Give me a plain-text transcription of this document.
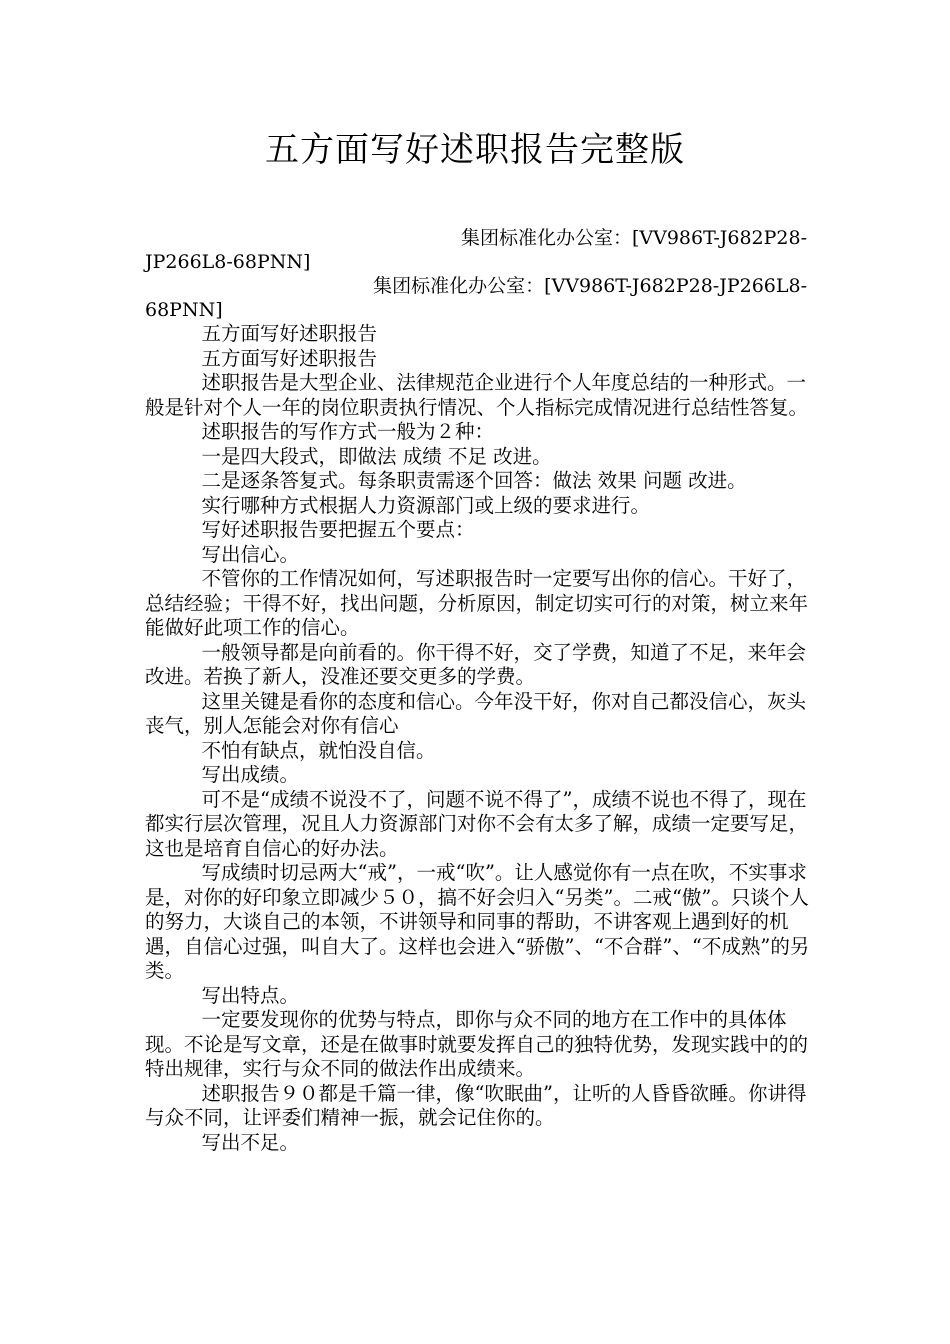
五方面写好述职报告完整版
集团标准化办公室：[VV986T-J682P28-
JP266L8-68PNN]
集团标准化办公室：[VV986T-J682P28-JP266L8-
68PNN]

五方面写好述职报告

五方面写好述职报告

述职报告是大型企业、法律规范企业进行个人年度总结的一种形式。一般是针对个人一年的岗位职责执行情况、个人指标完成情况进行总结性答复。

述职报告的写作方式一般为２种：

一是四大段式，即做法 成绩 不足 改进。

二是逐条答复式。每条职责需逐个回答：做法 效果 问题 改进。

实行哪种方式根据人力资源部门或上级的要求进行。

写好述职报告要把握五个要点：

写出信心。

不管你的工作情况如何，写述职报告时一定要写出你的信心。干好了，总结经验；干得不好，找出问题，分析原因，制定切实可行的对策，树立来年能做好此项工作的信心。

一般领导都是向前看的。你干得不好，交了学费，知道了不足，来年会改进。若换了新人，没准还要交更多的学费。

这里关键是看你的态度和信心。今年没干好，你对自己都没信心，灰头丧气，别人怎能会对你有信心

不怕有缺点，就怕没自信。

写出成绩。

可不是“成绩不说没不了，问题不说不得了”，成绩不说也不得了，现在都实行层次管理，况且人力资源部门对你不会有太多了解，成绩一定要写足，这也是培育自信心的好办法。

写成绩时切忌两大“戒”，一戒“吹”。让人感觉你有一点在吹，不实事求是，对你的好印象立即减少５０，搞不好会归入“另类”。二戒“傲”。只谈个人的努力，大谈自己的本领，不讲领导和同事的帮助，不讲客观上遇到好的机遇，自信心过强，叫自大了。这样也会进入“骄傲”、“不合群”、“不成熟”的另类。

写出特点。

一定要发现你的优势与特点，即你与众不同的地方在工作中的具体体现。不论是写文章，还是在做事时就要发挥自己的独特优势，发现实践中的的特出规律，实行与众不同的做法作出成绩来。

述职报告９０都是千篇一律，像“吹眠曲”，让听的人昏昏欲睡。你讲得与众不同，让评委们精神一振，就会记住你的。

写出不足。
